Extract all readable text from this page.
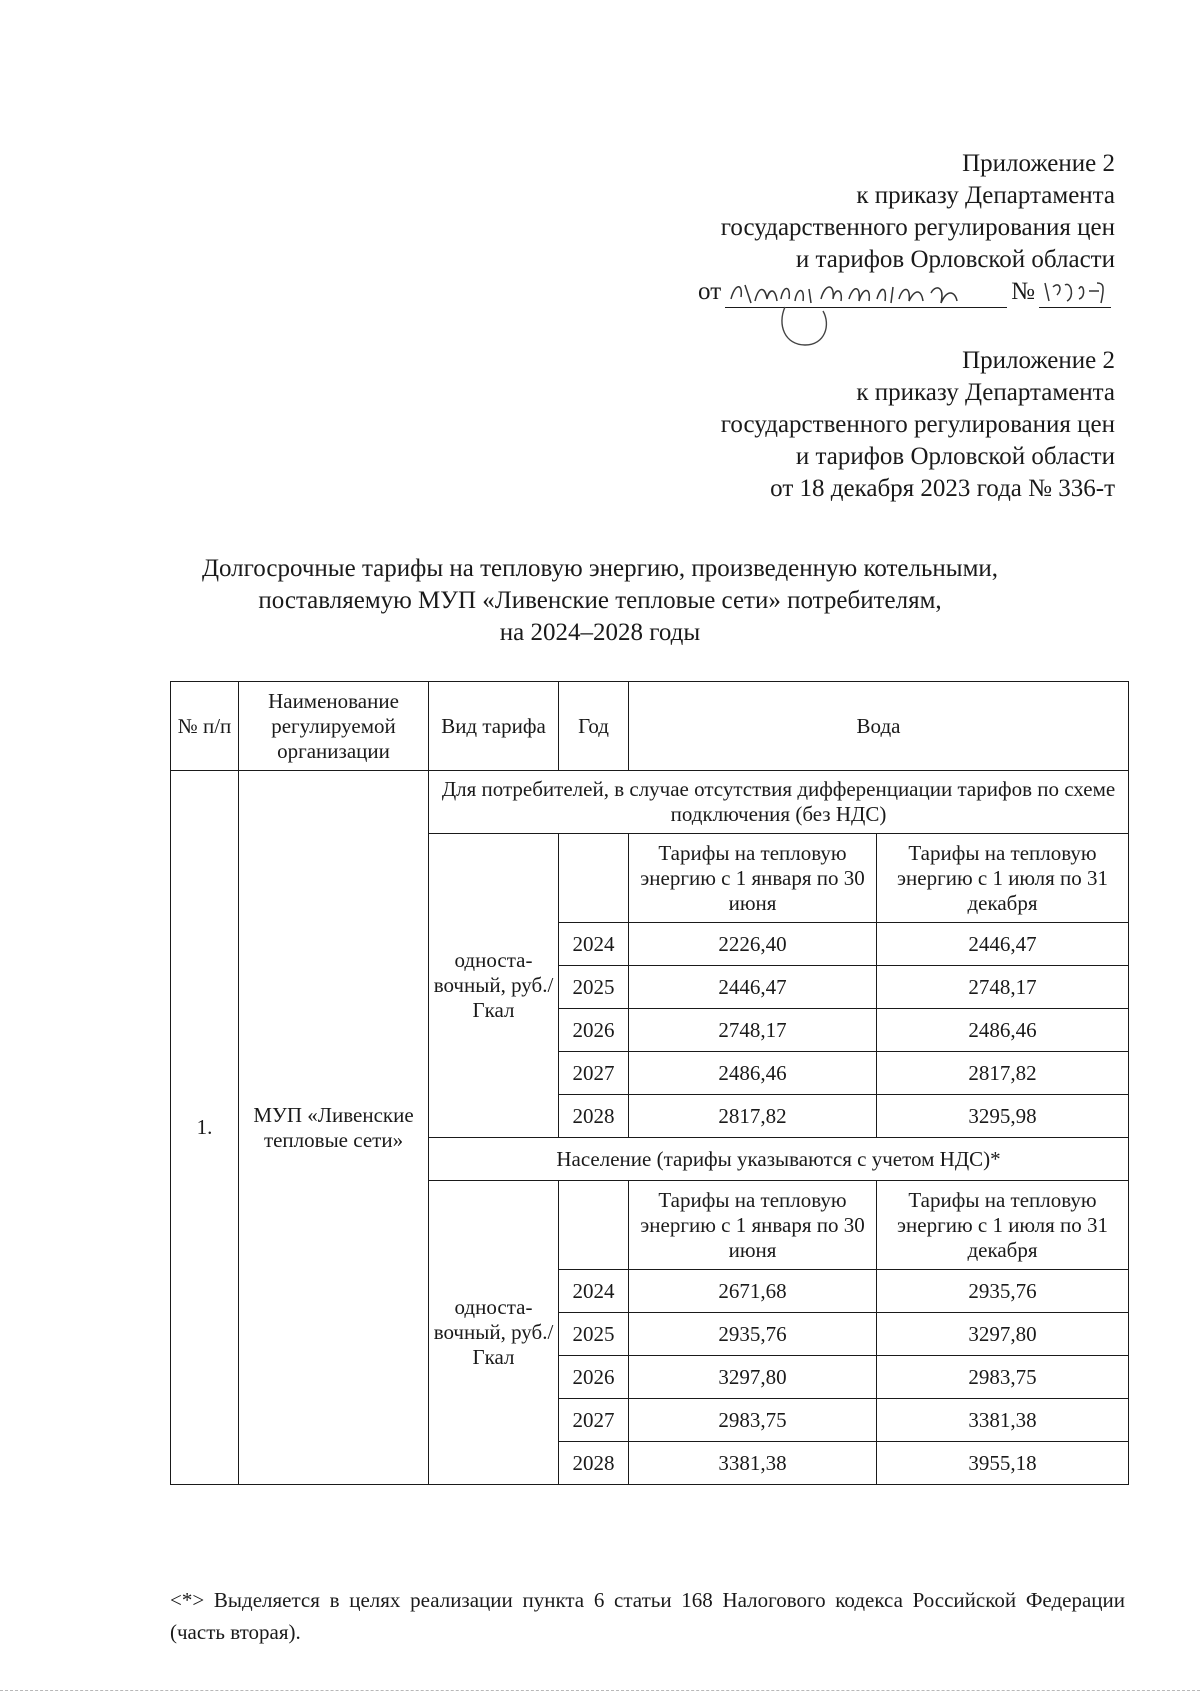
Приложение 2
к приказу Департамента
государственного регулирования цен
и тарифов Орловской области
от	№
Приложение 2
к приказу Департамента
государственного регулирования цен
и тарифов Орловской области
от 18 декабря 2023 года № 336-т
Долгосрочные тарифы на тепловую энергию, произведенную котельными,
поставляемую МУП «Ливенские тепловые сети» потребителям,
на 2024–2028 годы
№ п/п	Наименование регулируемой организации	Вид тарифа	Год	Вода	
1.	МУП «Ливенские тепловые сети»	Для потребителей, в случае отсутствия дифференциации тарифов по схеме подключения (без НДС)			
		односта-вочный, руб./Гкал		Тарифы на тепловую энергию с 1 января по 30 июня	Тарифы на тепловую энергию с 1 июля по 31 декабря
			2024	2226,40	2446,47
			2025	2446,47	2748,17
			2026	2748,17	2486,46
			2027	2486,46	2817,82
			2028	2817,82	3295,98
		Население (тарифы указываются с учетом НДС)*			
		односта-вочный, руб./Гкал		Тарифы на тепловую энергию с 1 января по 30 июня	Тарифы на тепловую энергию с 1 июля по 31 декабря
			2024	2671,68	2935,76
			2025	2935,76	3297,80
			2026	3297,80	2983,75
			2027	2983,75	3381,38
			2028	3381,38	3955,18
<*> Выделяется в целях реализации пункта 6 статьи 168 Налогового кодекса Российской Федерации (часть вторая).
